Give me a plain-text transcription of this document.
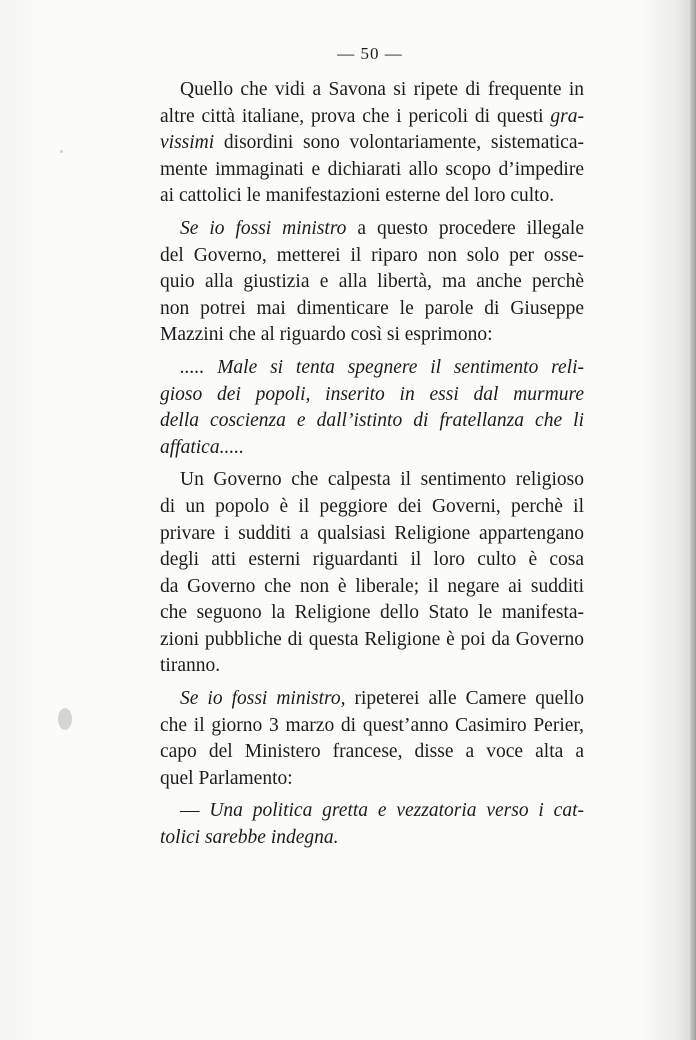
— 50 —

Quello che vidi a Savona si ripete di frequente in
altre città italiane, prova che i pericoli di questi gra-
vissimi disordini sono volontariamente, sistematica-
mente immaginati e dichiarati allo scopo d’impedire
ai cattolici le manifestazioni esterne del loro culto.

Se io fossi ministro a questo procedere illegale
del Governo, metterei il riparo non solo per osse-
quio alla giustizia e alla libertà, ma anche perchè
non potrei mai dimenticare le parole di Giuseppe
Mazzini che al riguardo così si esprimono:

..... Male si tenta spegnere il sentimento reli-
gioso dei popoli, inserito in essi dal murmure
della coscienza e dall’istinto di fratellanza che li
affatica.....

Un Governo che calpesta il sentimento religioso
di un popolo è il peggiore dei Governi, perchè il
privare i sudditi a qualsiasi Religione appartengano
degli atti esterni riguardanti il loro culto è cosa
da Governo che non è liberale; il negare ai sudditi
che seguono la Religione dello Stato le manifesta-
zioni pubbliche di questa Religione è poi da Governo
tiranno.

Se io fossi ministro, ripeterei alle Camere quello
che il giorno 3 marzo di quest’anno Casimiro Perier,
capo del Ministero francese, disse a voce alta a
quel Parlamento:

— Una politica gretta e vezzatoria verso i cat-
tolici sarebbe indegna.
